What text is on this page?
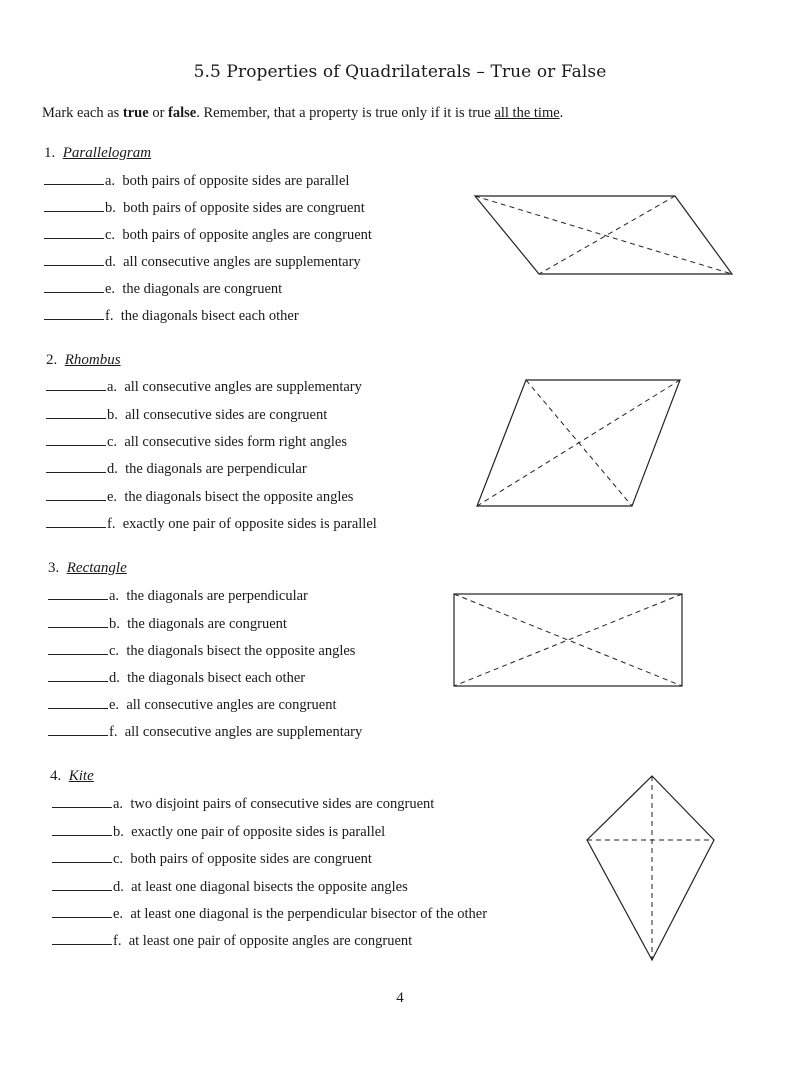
5.5 Properties of Quadrilaterals – True or False
Mark each as true or false. Remember, that a property is true only if it is true all the time.
1. Parallelogram
a. both pairs of opposite sides are parallel
b. both pairs of opposite sides are congruent
c. both pairs of opposite angles are congruent
d. all consecutive angles are supplementary
e. the diagonals are congruent
f. the diagonals bisect each other
2. Rhombus
a. all consecutive angles are supplementary
b. all consecutive sides are congruent
c. all consecutive sides form right angles
d. the diagonals are perpendicular
e. the diagonals bisect the opposite angles
f. exactly one pair of opposite sides is parallel
3. Rectangle
a. the diagonals are perpendicular
b. the diagonals are congruent
c. the diagonals bisect the opposite angles
d. the diagonals bisect each other
e. all consecutive angles are congruent
f. all consecutive angles are supplementary
4. Kite
a. two disjoint pairs of consecutive sides are congruent
b. exactly one pair of opposite sides is parallel
c. both pairs of opposite sides are congruent
d. at least one diagonal bisects the opposite angles
e. at least one diagonal is the perpendicular bisector of the other
f. at least one pair of opposite angles are congruent
4
